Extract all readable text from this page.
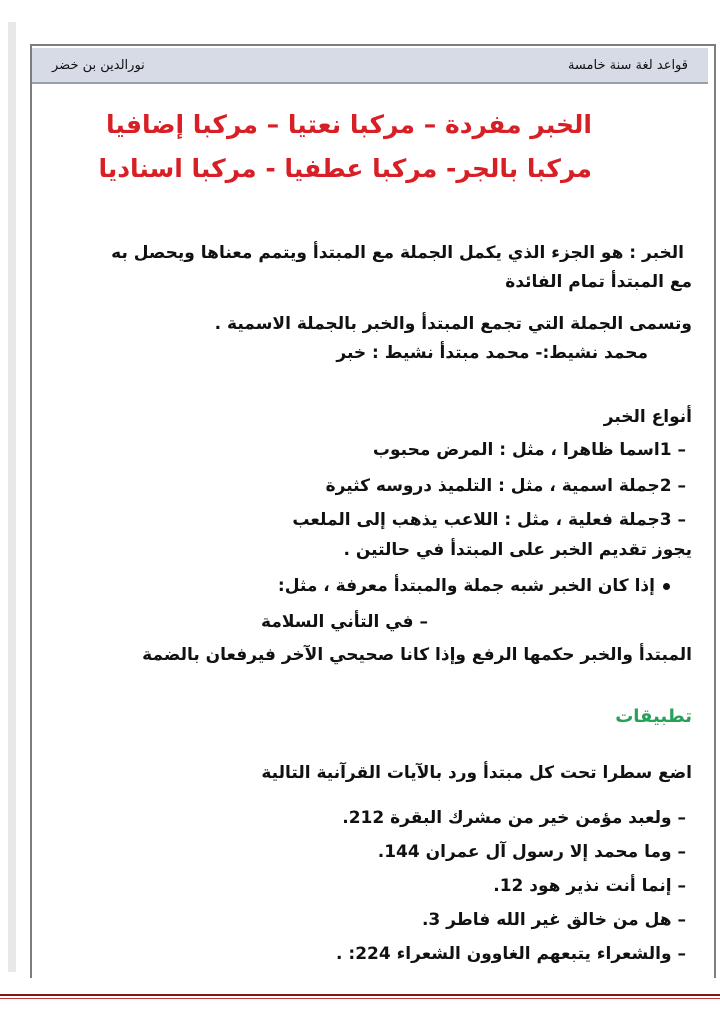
نورالدين بن خضر	قواعد لغة سنة خامسة
الخبر مفردة – مركبا نعتيا – مركبا إضافيا
مركبا بالجر- مركبا عطفيا - مركبا اسناديا
الخبر : هو الجزء الذي يكمل الجملة مع المبتدأ ويتمم معناها ويحصل به
مع المبتدأ تمام الفائدة
وتسمى الجملة التي تجمع المبتدأ والخبر بالجملة الاسمية .
محمد نشيط:- محمد مبتدأ نشيط : خبر
أنواع الخبر
– 1اسما ظاهرا ، مثل : المرض محبوب
– 2جملة اسمية ، مثل : التلميذ دروسه كثيرة
– 3جملة فعلية ، مثل : اللاعب يذهب إلى الملعب
يجوز تقديم الخبر على المبتدأ في حالتين .
إذا كان الخبر شبه جملة والمبتدأ معرفة ، مثل:
– في التأني السلامة
المبتدأ والخبر حكمها الرفع وإذا كانا صحيحي الآخر فيرفعان بالضمة
تطبيقات
اضع سطرا تحت كل مبتدأ ورد بالآيات القرآنية التالية
– ولعبد مؤمن خير من مشرك البقرة 212.
– وما محمد إلا رسول آل عمران 144.
– إنما أنت نذير هود 12.
– هل من خالق غير الله فاطر 3.
– والشعراء يتبعهم الغاوون الشعراء 224: .
